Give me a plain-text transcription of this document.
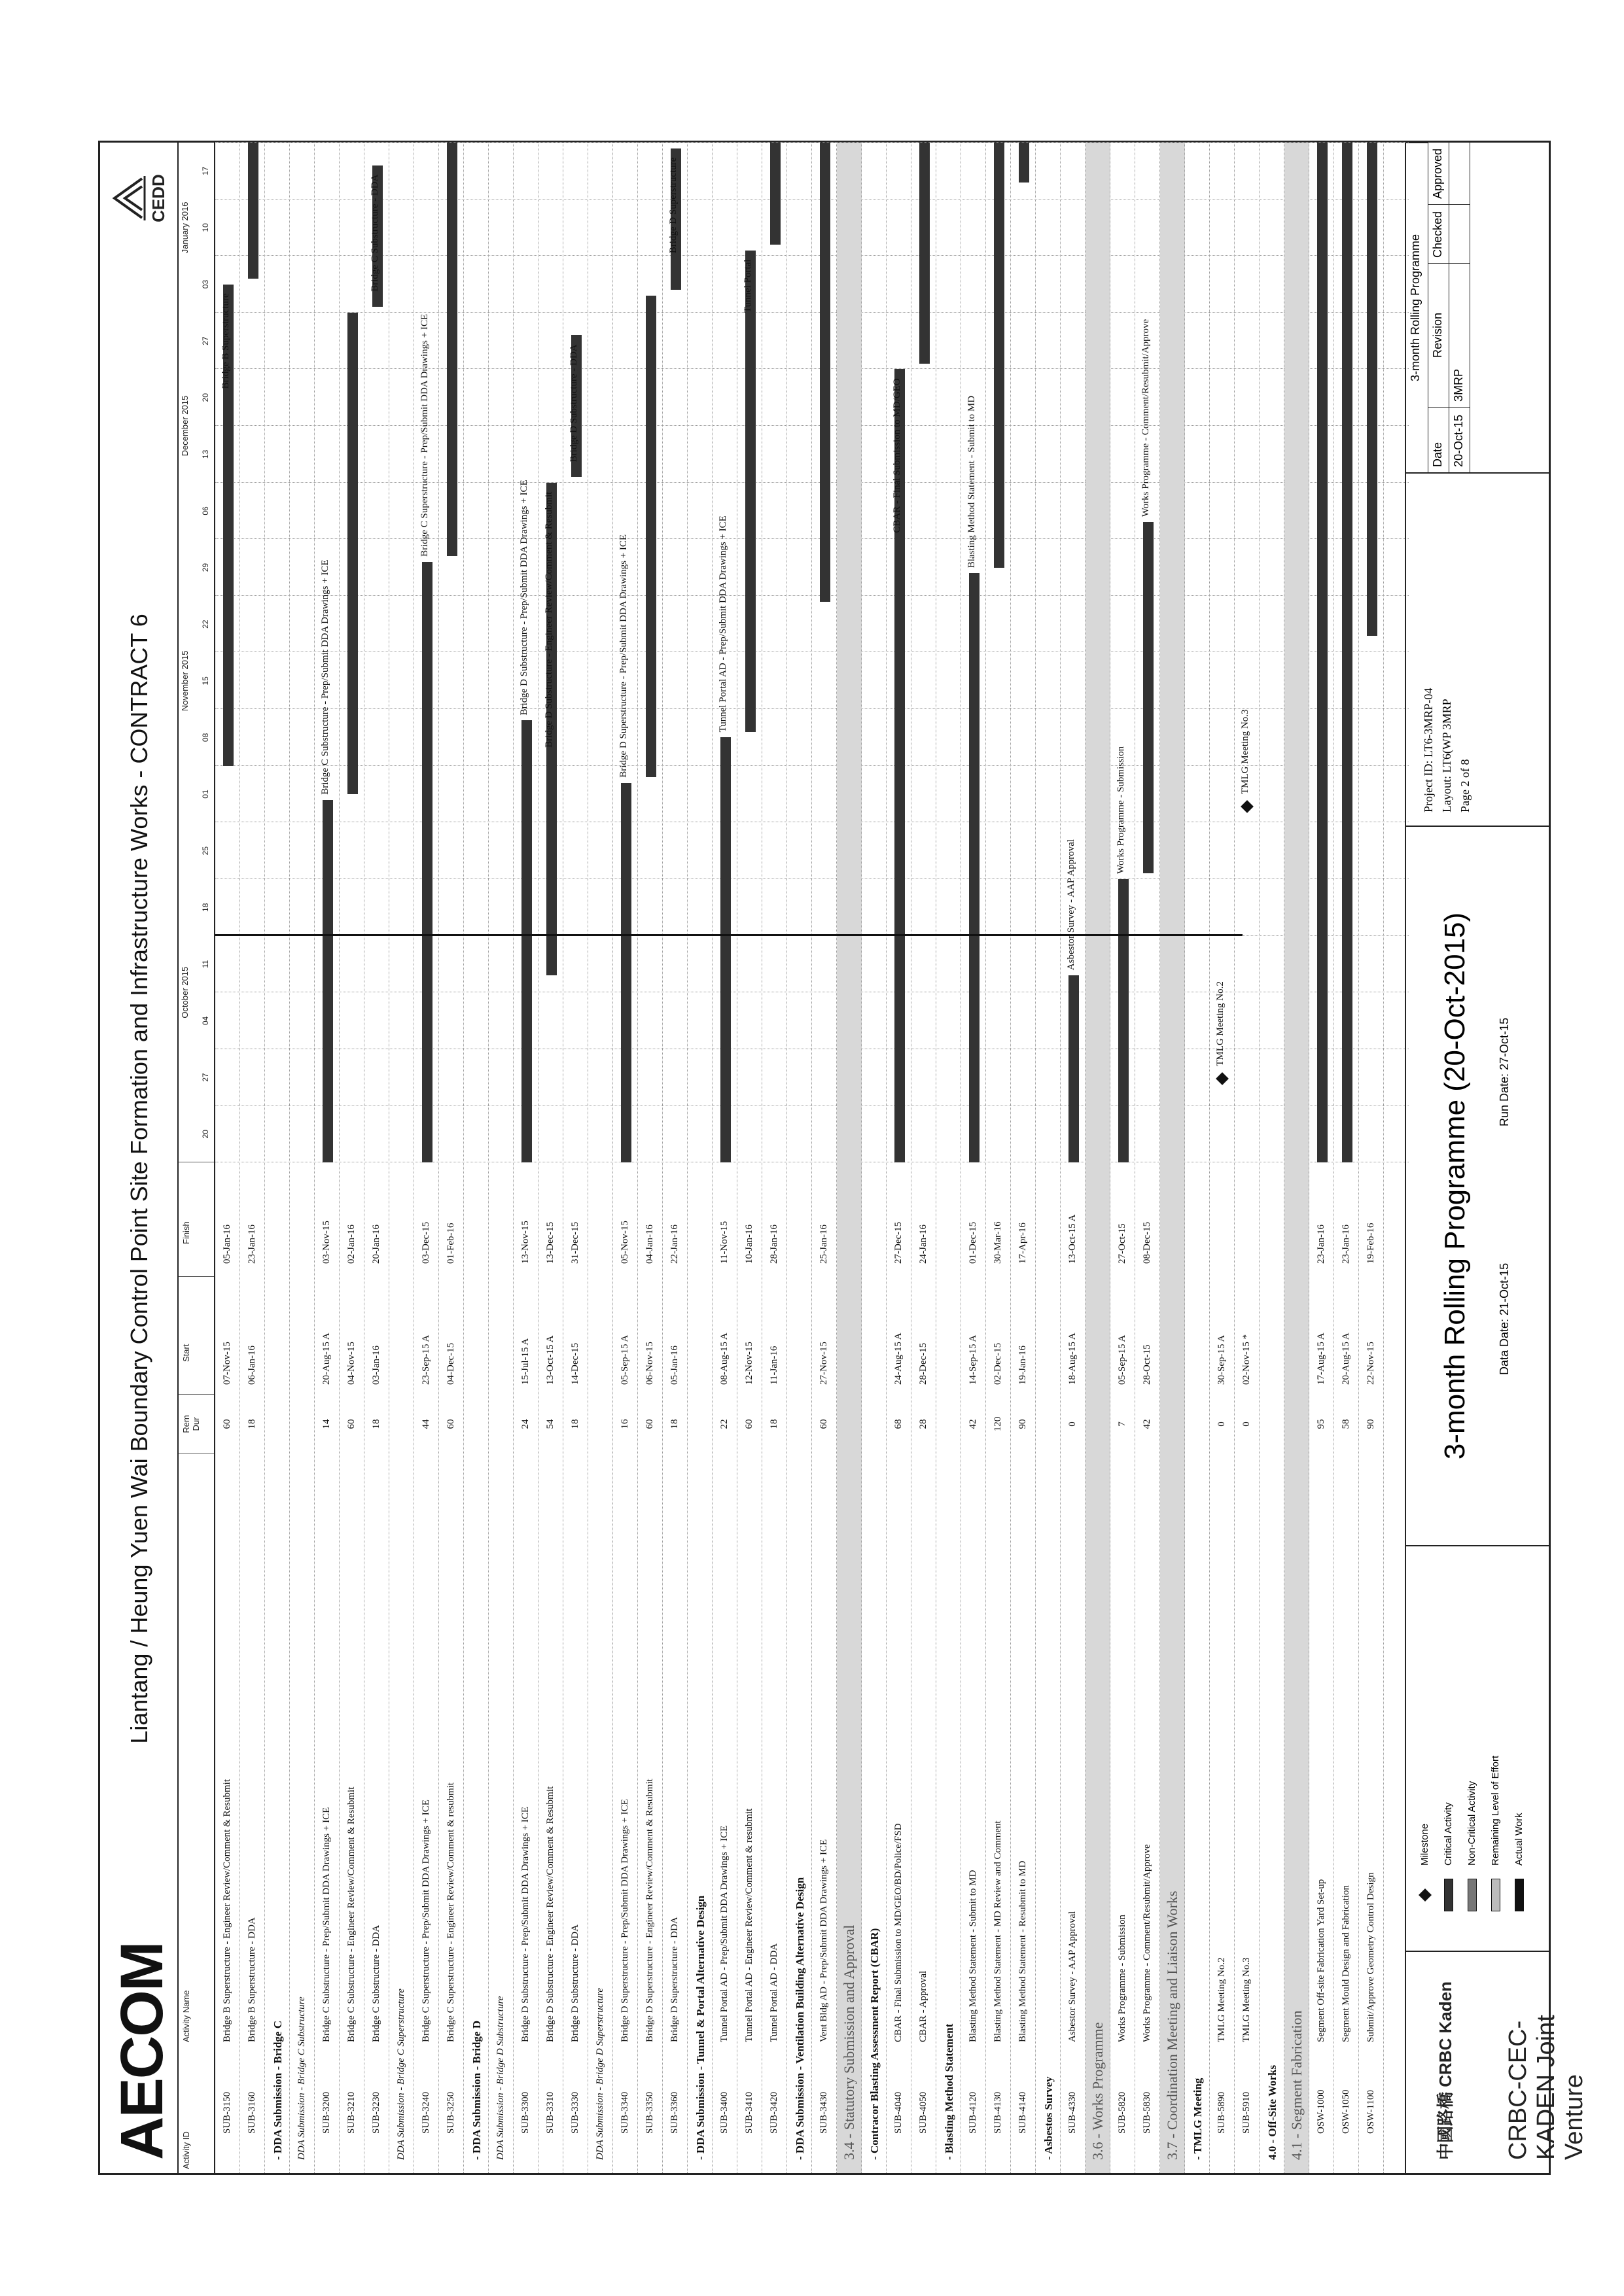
AECOM
Liantang / Heung Yuen Wai Boundary Control Point Site Formation and Infrastructure Works - CONTRACT 6
CEDD
Activity ID
Activity Name
Rem Dur
Start
Finish
October 2015
November 2015
December 2015
January 2016
20
27
04
11
18
25
01
08
15
22
29
06
13
20
27
03
10
17
SUB-3150
Bridge B Superstructure - Engineer Review/Comment & Resubmit
60
07-Nov-15
05-Jan-16
Bridge B Superstructure
SUB-3160
Bridge B Superstructure - DDA
18
06-Jan-16
23-Jan-16
- DDA Submission - Bridge C DDA Submission - Bridge C Substructure SUB-3200
Bridge C Substructure - Prep/Submit DDA Drawings + ICE
14
20-Aug-15 A
03-Nov-15
Bridge C Substructure - Prep/Submit DDA Drawings + ICE
SUB-3210
Bridge C Substructure - Engineer Review/Comment & Resubmit
60
04-Nov-15
02-Jan-16
SUB-3230
Bridge C Substructure - DDA
18
03-Jan-16
20-Jan-16
Bridge C Substructure - DDA
DDA Submission - Bridge C Superstructure SUB-3240
Bridge C Superstructure - Prep/Submit DDA Drawings + ICE
44
23-Sep-15 A
03-Dec-15
Bridge C Superstructure - Prep/Submit DDA Drawings + ICE
SUB-3250
Bridge C Superstructure - Engineer Review/Comment & resubmit
60
04-Dec-15
01-Feb-16
- DDA Submission - Bridge D DDA Submission - Bridge D Substructure SUB-3300
Bridge D Substructure - Prep/Submit DDA Drawings + ICE
24
15-Jul-15 A
13-Nov-15
Bridge D Substructure - Prep/Submit DDA Drawings + ICE
SUB-3310
Bridge D Substructure - Engineer Review/Comment & Resubmit
54
13-Oct-15 A
13-Dec-15
Bridge D Substructure - Engineer Review/Comment & Resubmit
SUB-3330
Bridge D Substructure - DDA
18
14-Dec-15
31-Dec-15
Bridge D Substructure - DDA
DDA Submission - Bridge D Superstructure SUB-3340
Bridge D Superstructure - Prep/Submit DDA Drawings + ICE
16
05-Sep-15 A
05-Nov-15
Bridge D Superstructure - Prep/Submit DDA Drawings + ICE
SUB-3350
Bridge D Superstructure - Engineer Review/Comment & Resubmit
60
06-Nov-15
04-Jan-16
SUB-3360
Bridge D Superstructure - DDA
18
05-Jan-16
22-Jan-16
Bridge D Superstructure
- DDA Submission - Tunnel & Portal Alternative Design SUB-3400
Tunnel Portal AD - Prep/Submit DDA Drawings + ICE
22
08-Aug-15 A
11-Nov-15
Tunnel Portal AD - Prep/Submit DDA Drawings + ICE
SUB-3410
Tunnel Portal AD - Engineer Review/Comment & resubmit
60
12-Nov-15
10-Jan-16
Tunnel Portal
SUB-3420
Tunnel Portal AD - DDA
18
11-Jan-16
28-Jan-16
- DDA Submission - Ventilation Building Alternative Design SUB-3430
Vent Bldg AD - Prep/Submit DDA Drawings + ICE
60
27-Nov-15
25-Jan-16
3.4 - Statutory Submission and Approval - Contracor Blasting Assessment Report (CBAR) SUB-4040
CBAR - Final Submission to MD/GEO/BD/Police/FSD
68
24-Aug-15 A
27-Dec-15
CBAR - Final Submission to MD/GEO
SUB-4050
CBAR - Approval
28
28-Dec-15
24-Jan-16
- Blasting Method Statement SUB-4120
Blasting Method Statement - Submit to MD
42
14-Sep-15 A
01-Dec-15
Blasting Method Statement - Submit to MD
SUB-4130
Blasting Method Statement - MD Review and Comment
120
02-Dec-15
30-Mar-16
SUB-4140
Blasting Method Statement - Resubmit to MD
90
19-Jan-16
17-Apr-16
- Asbestos Survey SUB-4330
Asbestor Survey - AAP Approval
0
18-Aug-15 A
13-Oct-15 A
Asbestor Survey - AAP Approval
3.6 - Works Programme SUB-5820
Works Programme - Submission
7
05-Sep-15 A
27-Oct-15
Works Programme - Submission
SUB-5830
Works Programme - Comment/Resubmit/Approve
42
28-Oct-15
08-Dec-15
Works Programme - Comment/Resubmit/Approve
3.7 - Coordination Meeting and Liaison Works - TMLG Meeting SUB-5890
TMLG Meeting No.2
0
30-Sep-15 A
TMLG Meeting No.2
SUB-5910
TMLG Meeting No.3
0
02-Nov-15 *
TMLG Meeting No.3
4.0 - Off-Site Works 4.1 - Segment Fabrication OSW-1000
Segment Off-site Fabrication Yard Set-up
95
17-Aug-15 A
23-Jan-16
OSW-1050
Segment Mould Design and Fabrication
58
20-Aug-15 A
23-Jan-16
OSW-1100
Submit/Approve Geometry Control Design
90
22-Nov-15
19-Feb-16
中國路橋 CRBC Kaden CRBC-CEC-KADEN Joint Venture
Milestone Critical Activity Non-Critical Activity Remaining Level of Effort Actual Work
3-month Rolling Programme (20-Oct-2015) Data Date: 21-Oct-15
Run Date: 27-Oct-15
Project ID: LT6-3MRP-04 Layout: LT6(WP 3MRP Page 2 of 8
3-month Rolling Programme
Date
Revision
Checked
Approved
20-Oct-15
3MRP
